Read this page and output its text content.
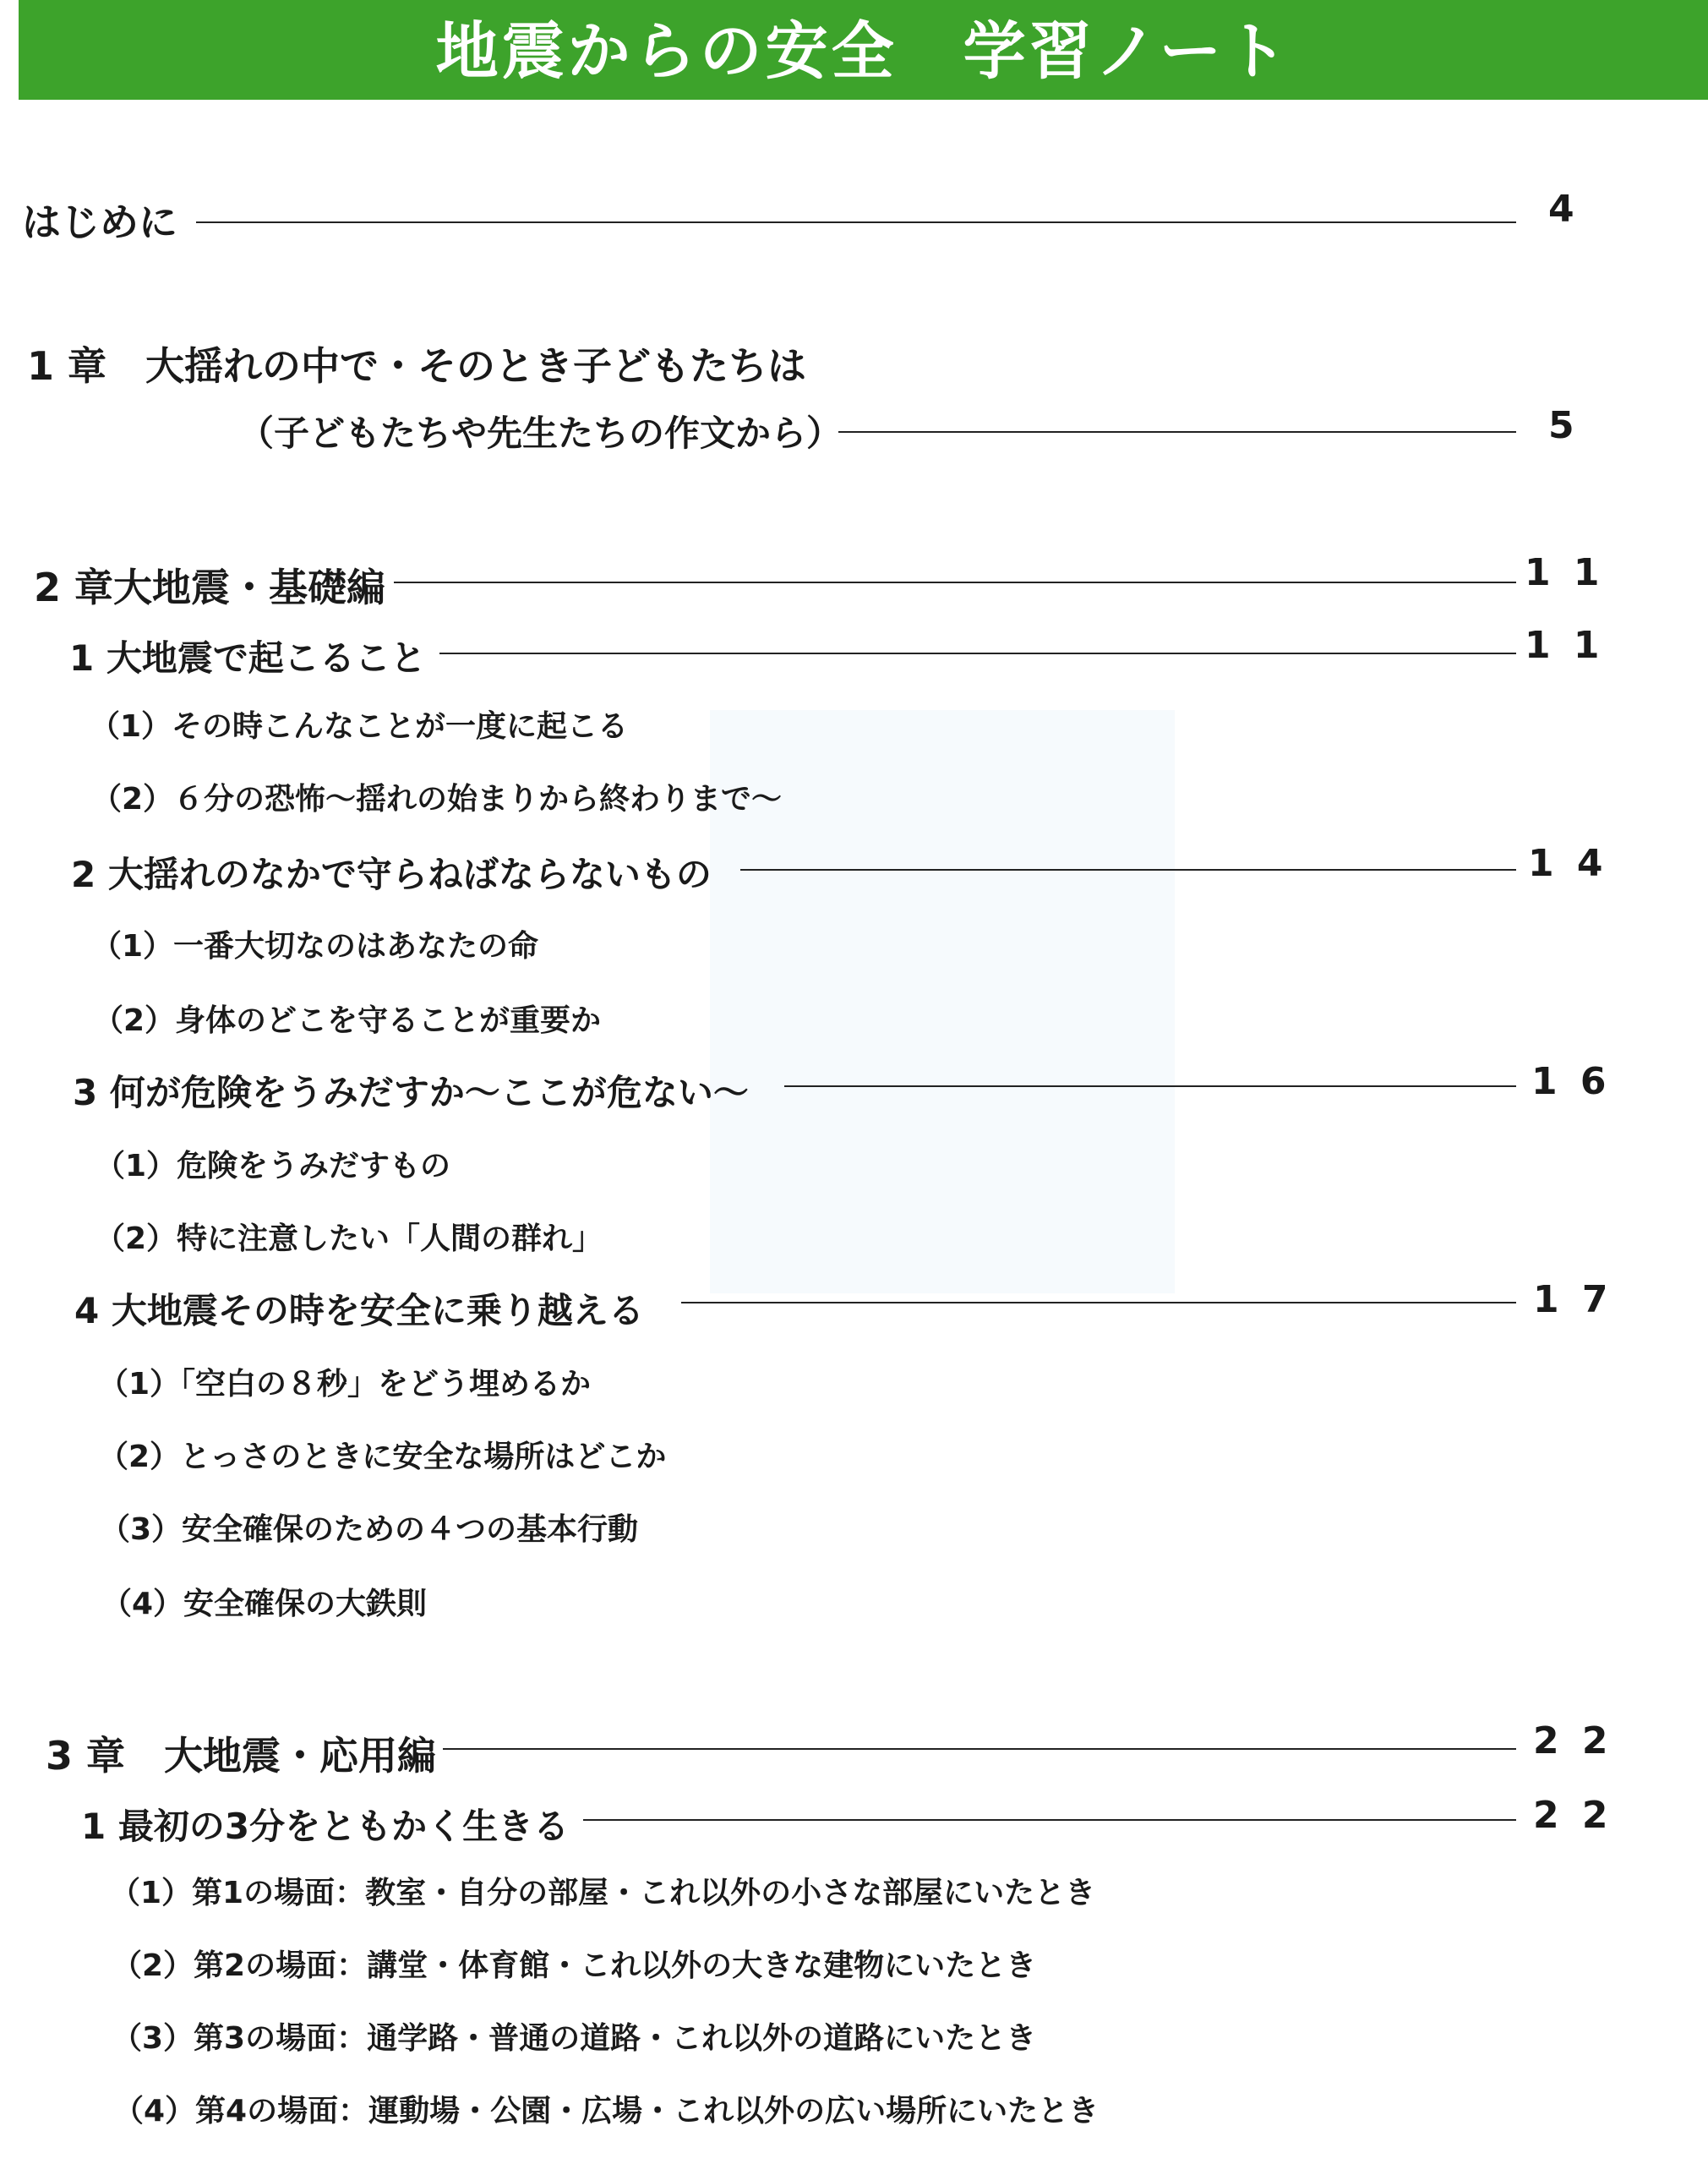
地震からの安全　学習ノート
はじめに	4
1 章　大揺れの中で・そのとき子どもたちは
（子どもたちや先生たちの作文から）	5
2 章大地震・基礎編	1 1
1 大地震で起こること	1 1
（1）その時こんなことが一度に起こる
（2）６分の恐怖～揺れの始まりから終わりまで～
2 大揺れのなかで守らねばならないもの	1 4
（1）一番大切なのはあなたの命
（2）身体のどこを守ることが重要か
3 何が危険をうみだすか～ここが危ない～	1 6
（1）危険をうみだすもの
（2）特に注意したい「人間の群れ」
4 大地震その時を安全に乗り越える	1 7
（1）「空白の８秒」をどう埋めるか
（2）とっさのときに安全な場所はどこか
（3）安全確保のための４つの基本行動
（4）安全確保の大鉄則
3 章　大地震・応用編	2 2
1 最初の3分をともかく生きる	2 2
（1）第1の場面：教室・自分の部屋・これ以外の小さな部屋にいたとき
（2）第2の場面：講堂・体育館・これ以外の大きな建物にいたとき
（3）第3の場面：通学路・普通の道路・これ以外の道路にいたとき
（4）第4の場面：運動場・公園・広場・これ以外の広い場所にいたとき
